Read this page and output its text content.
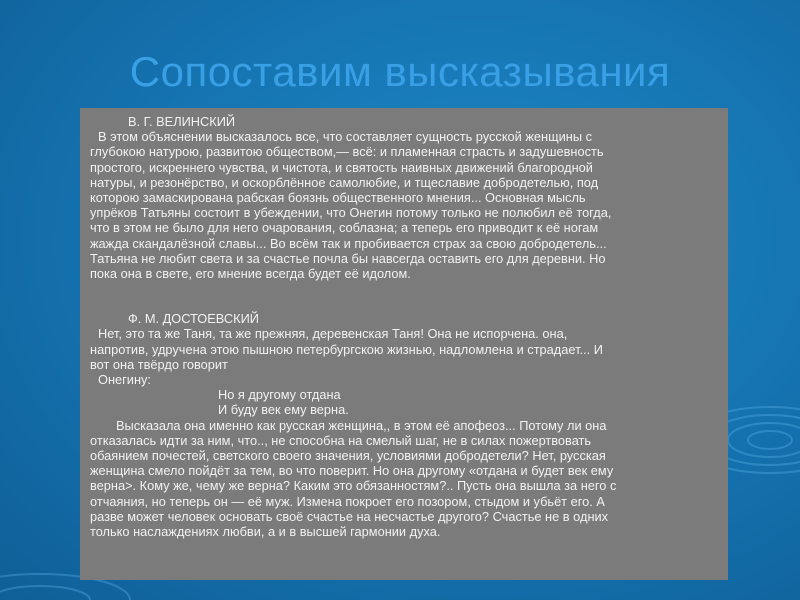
Сопоставим высказывания
В. Г. ВЕЛИНСКИЙ
В этом объяснении высказалось все, что составляет сущность русской женщины с
глубокою натурою, развитою обществом,— всё: и пламенная страсть и задушевность
простого, искреннего чувства, и чистота, и святость наивных движений благородной
натуры, и резонёрство, и оскорблённое самолюбие, и тщеславие добродетелью, под
которою замаскирована рабская боязнь общественного мнения... Основная мысль
упрёков Татьяны состоит в убеждении, что Онегин потому только не полюбил её тогда,
что в этом не было для него очарования, соблазна; а теперь его приводит к её ногам
жажда скандалёзной славы... Во всём так и пробивается страх за свою добродетель...
Татьяна не любит света и за счастье почла бы навсегда оставить его для деревни. Но
пока она в свете, его мнение всегда будет её идолом.
Ф. М. ДОСТОЕВСКИЙ
Нет, это та же Таня, та же прежняя, деревенская Таня! Она не испорчена. она,
напротив, удручена этою пышною петербургскою жизнью, надломлена и страдает... И
вот она твёрдо говорит
Онегину:
Но я другому отдана
И буду век ему верна.
Высказала она именно как русская женщина,, в этом её апофеоз... Потому ли она
отказалась идти за ним, что.., не способна на смелый шаг, не в силах пожертвовать
обаянием почестей, светского своего значения, условиями добродетели? Нет, русская
женщина смело пойдёт за тем, во что поверит. Но она другому «отдана и будет век ему
верна>. Кому же, чему же верна? Каким это обязанностям?.. Пусть она вышла за него с
отчаяния, но теперь он — её муж. Измена покроет его позором, стыдом и убьёт его. А
разве может человек основать своё счастье на несчастье другого? Счастье не в одних
только наслаждениях любви, а и в высшей гармонии духа.
